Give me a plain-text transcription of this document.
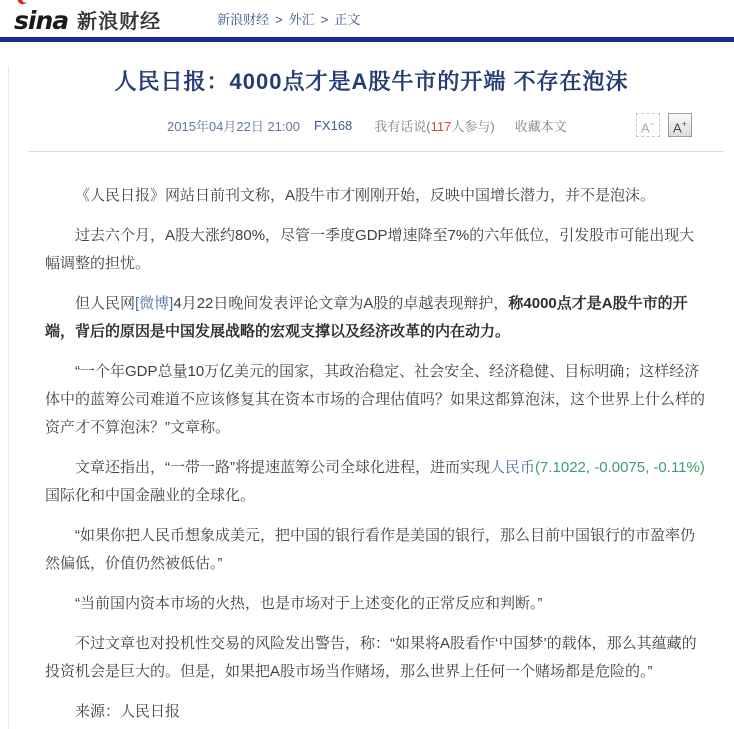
sina 新浪财经	新浪财经 > 外汇 > 正文
人民日报：4000点才是A股牛市的开端 不存在泡沫
2015年04月22日 21:00 FX168 我有话说(117人参与) 收藏本文	A−	A+

《人民日报》网站日前刊文称，A股牛市才刚刚开始，反映中国增长潜力，并不是泡沫。

过去六个月，A股大涨约80%，尽管一季度GDP增速降至7%的六年低位，引发股市可能出现大幅调整的担忧。

但人民网[微博]4月22日晚间发表评论文章为A股的卓越表现辩护，称4000点才是A股牛市的开端，背后的原因是中国发展战略的宏观支撑以及经济改革的内在动力。

“一个年GDP总量10万亿美元的国家，其政治稳定、社会安全、经济稳健、目标明确；这样经济体中的蓝筹公司难道不应该修复其在资本市场的合理估值吗？如果这都算泡沫，这个世界上什么样的资产才不算泡沫？”文章称。

文章还指出，“一带一路”将提速蓝筹公司全球化进程，进而实现人民币(7.1022, -0.0075, -0.11%)国际化和中国金融业的全球化。

“如果你把人民币想象成美元，把中国的银行看作是美国的银行，那么目前中国银行的市盈率仍然偏低，价值仍然被低估。”

“当前国内资本市场的火热，也是市场对于上述变化的正常反应和判断。”

不过文章也对投机性交易的风险发出警告，称：“如果将A股看作‘中国梦’的载体，那么其蕴藏的投资机会是巨大的。但是，如果把A股市场当作赌场，那么世界上任何一个赌场都是危险的。”

来源：人民日报
